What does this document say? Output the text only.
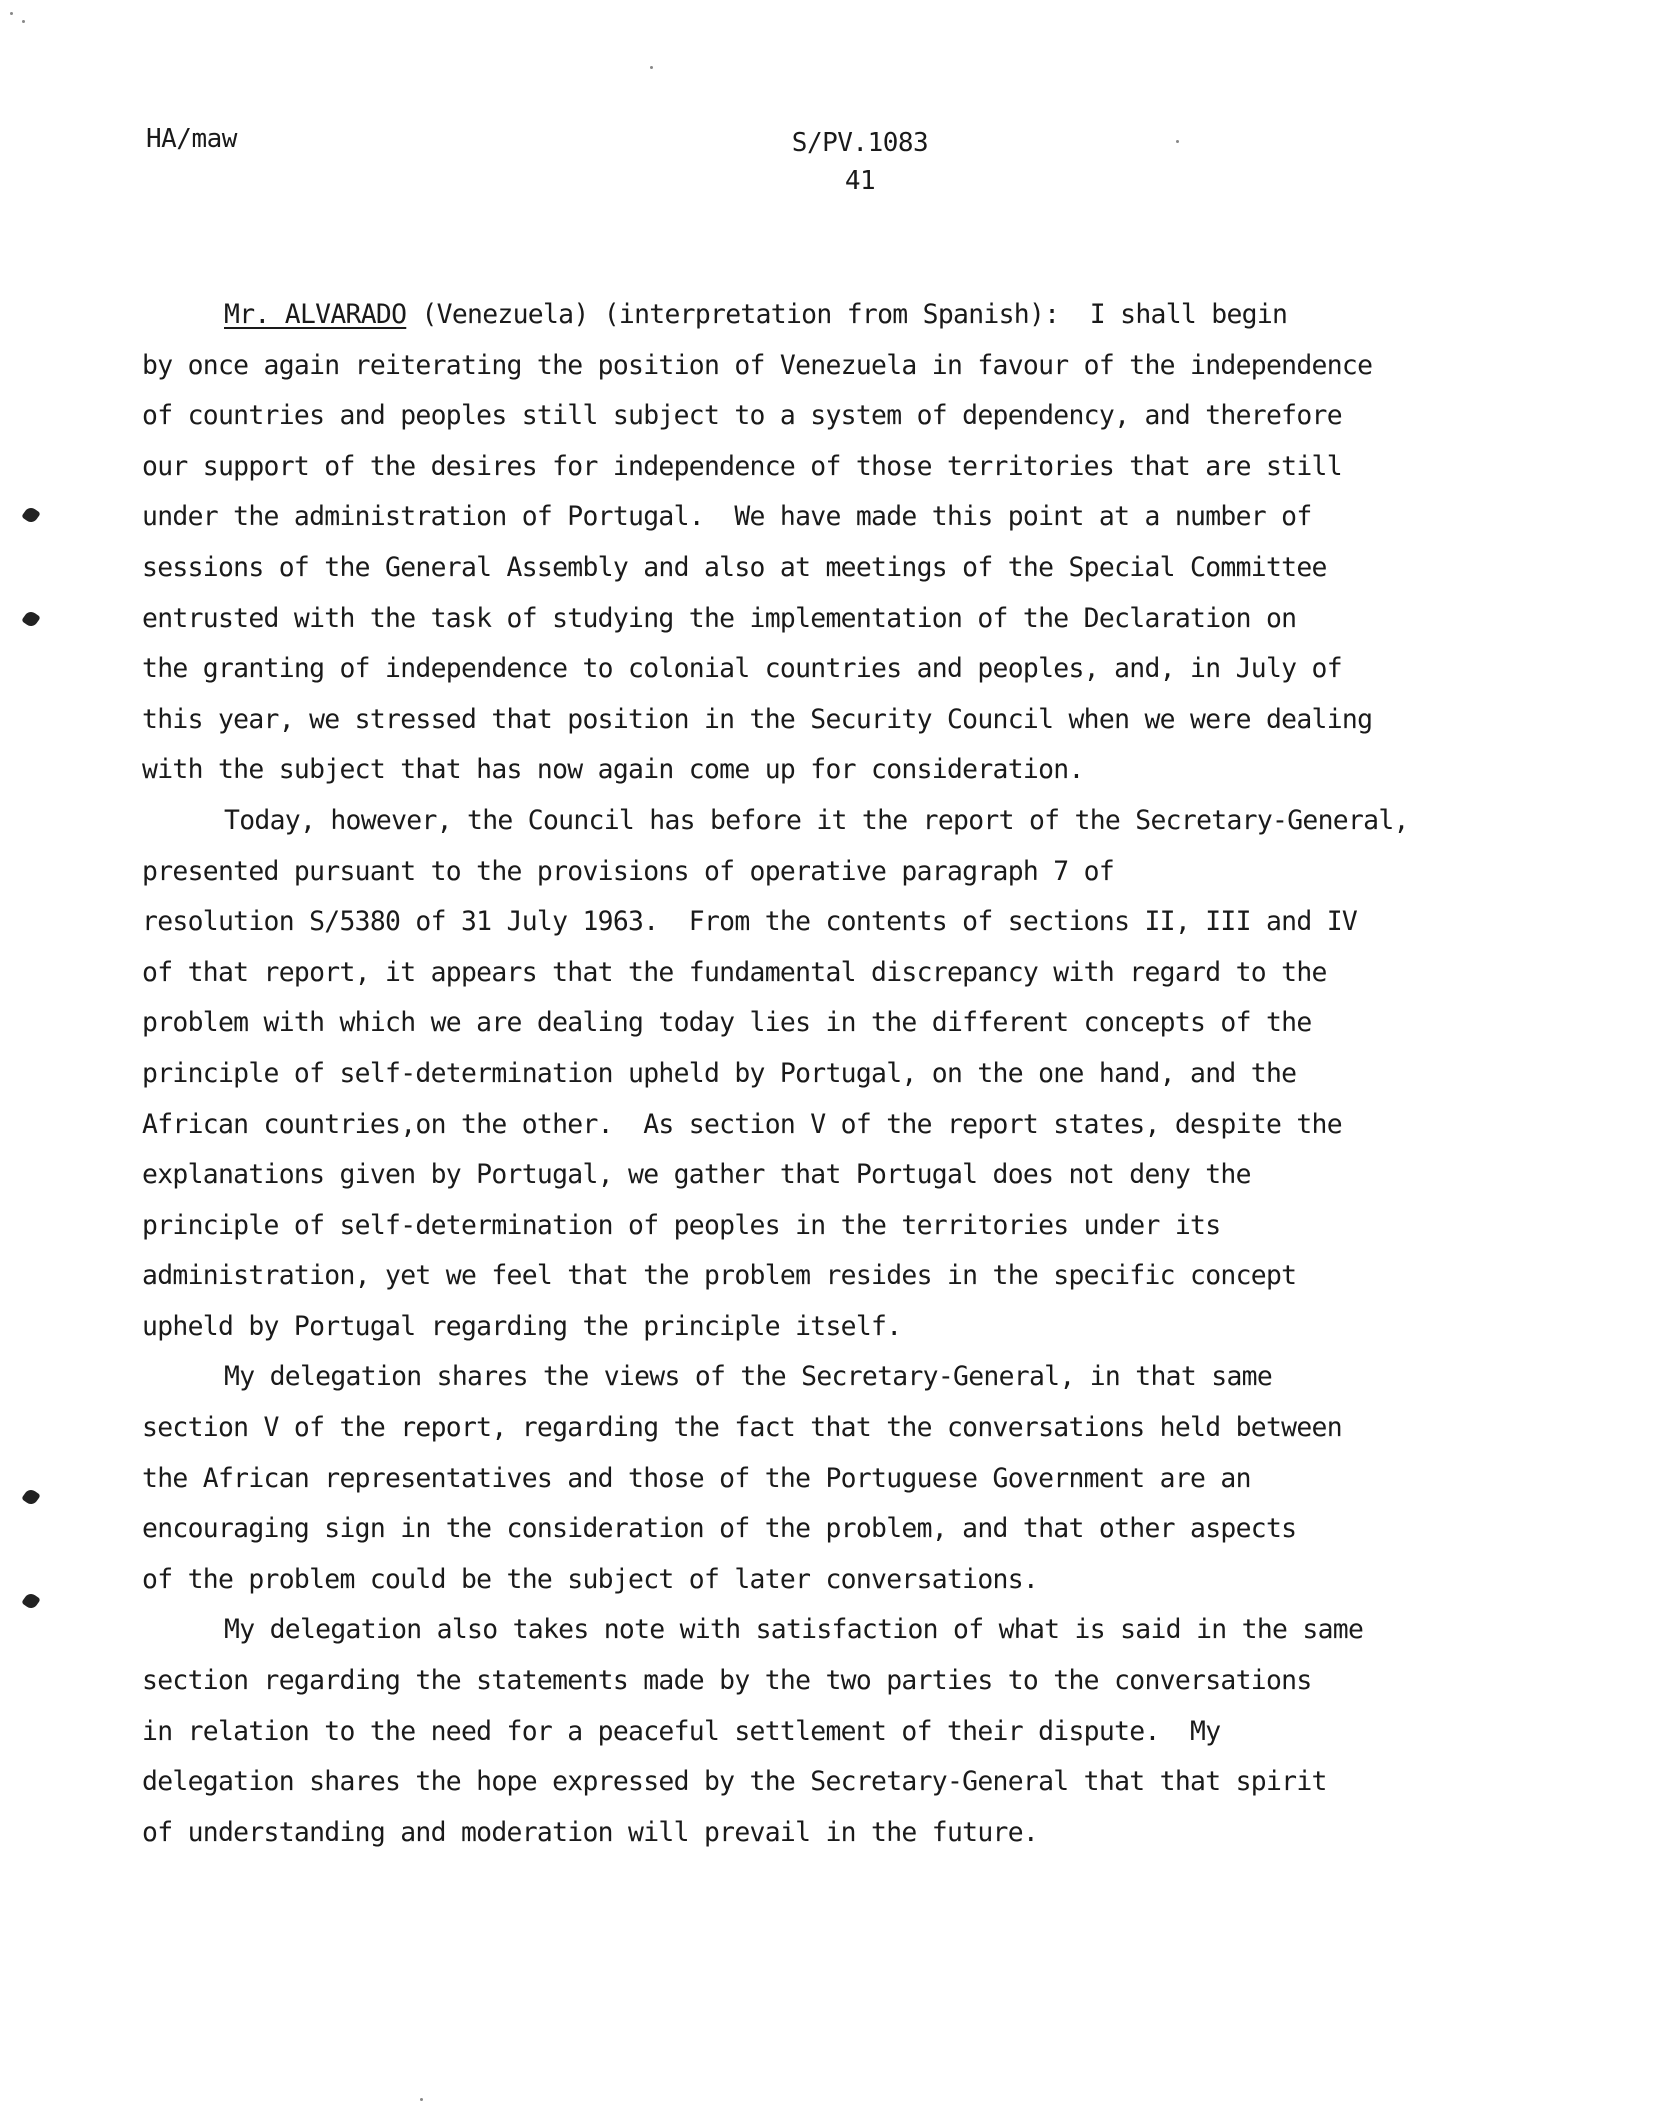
HA/maw	S/PV.1083
41
Mr. ALVARADO (Venezuela) (interpretation from Spanish):  I shall begin
by once again reiterating the position of Venezuela in favour of the independence
of countries and peoples still subject to a system of dependency, and therefore
our support of the desires for independence of those territories that are still
under the administration of Portugal.  We have made this point at a number of
sessions of the General Assembly and also at meetings of the Special Committee
entrusted with the task of studying the implementation of the Declaration on
the granting of independence to colonial countries and peoples, and, in July of
this year, we stressed that position in the Security Council when we were dealing
with the subject that has now again come up for consideration.
Today, however, the Council has before it the report of the Secretary-General,
presented pursuant to the provisions of operative paragraph 7 of
resolution S/5380 of 31 July 1963.  From the contents of sections II, III and IV
of that report, it appears that the fundamental discrepancy with regard to the
problem with which we are dealing today lies in the different concepts of the
principle of self-determination upheld by Portugal, on the one hand, and the
African countries,on the other.  As section V of the report states, despite the
explanations given by Portugal, we gather that Portugal does not deny the
principle of self-determination of peoples in the territories under its
administration, yet we feel that the problem resides in the specific concept
upheld by Portugal regarding the principle itself.
My delegation shares the views of the Secretary-General, in that same
section V of the report, regarding the fact that the conversations held between
the African representatives and those of the Portuguese Government are an
encouraging sign in the consideration of the problem, and that other aspects
of the problem could be the subject of later conversations.
My delegation also takes note with satisfaction of what is said in the same
section regarding the statements made by the two parties to the conversations
in relation to the need for a peaceful settlement of their dispute.  My
delegation shares the hope expressed by the Secretary-General that that spirit
of understanding and moderation will prevail in the future.
